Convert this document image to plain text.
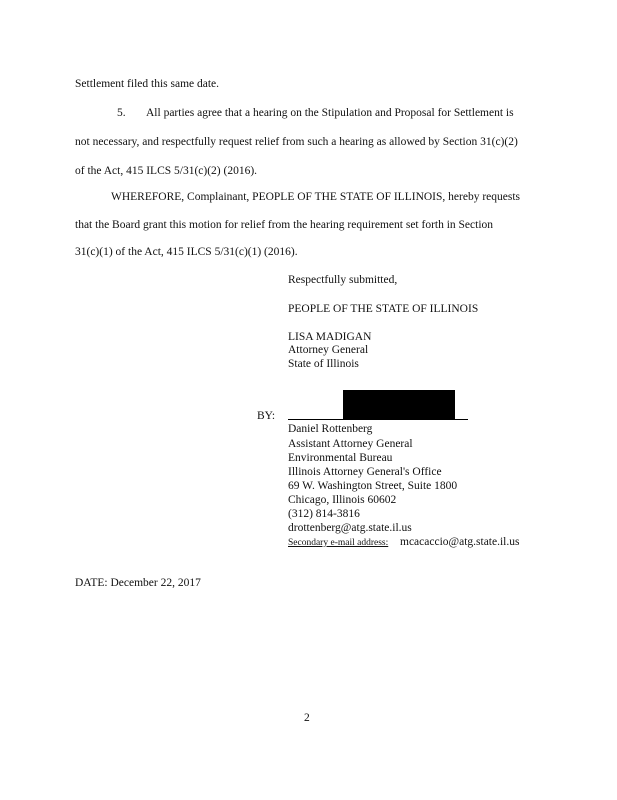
Settlement filed this same date.
5. All parties agree that a hearing on the Stipulation and Proposal for Settlement is
not necessary, and respectfully request relief from such a hearing as allowed by Section 31(c)(2)
of the Act, 415 ILCS 5/31(c)(2) (2016).
WHEREFORE, Complainant, PEOPLE OF THE STATE OF ILLINOIS, hereby requests
that the Board grant this motion for relief from the hearing requirement set forth in Section
31(c)(1) of the Act, 415 ILCS 5/31(c)(1) (2016).
Respectfully submitted,
PEOPLE OF THE STATE OF ILLINOIS
LISA MADIGAN
Attorney General
State of Illinois
BY:
Daniel Rottenberg
Assistant Attorney General
Environmental Bureau
Illinois Attorney General's Office
69 W. Washington Street, Suite 1800
Chicago, Illinois 60602
(312) 814-3816
drottenberg@atg.state.il.us
Secondary e-mail address: mcacaccio@atg.state.il.us
DATE: December 22, 2017
2
